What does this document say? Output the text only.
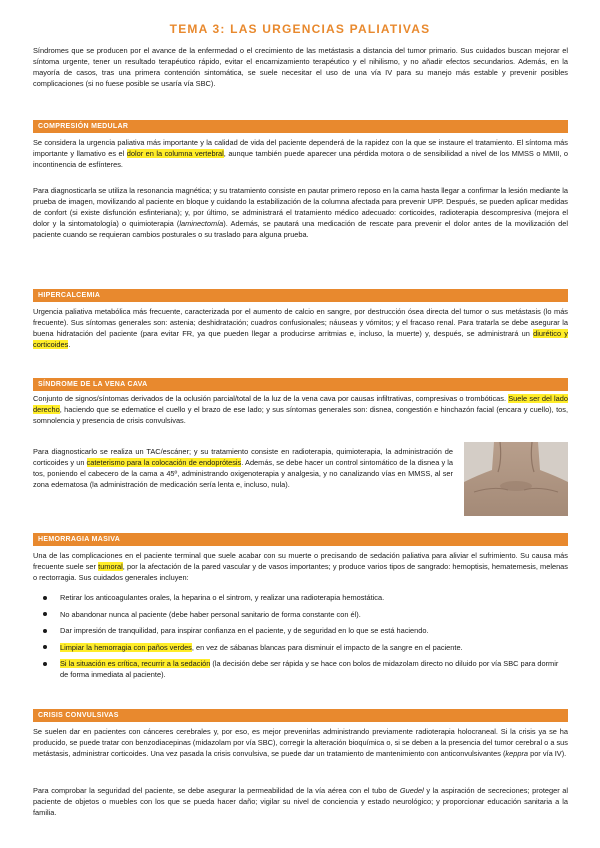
TEMA 3: LAS URGENCIAS PALIATIVAS

Síndromes que se producen por el avance de la enfermedad o el crecimiento de las metástasis a distancia del tumor primario. Sus cuidados buscan mejorar el síntoma urgente, tener un resultado terapéutico rápido, evitar el encarnizamiento terapéutico y el nihilismo, y no añadir efectos secundarios. Además, en la mayoría de casos, tras una primera contención sintomática, se suele necesitar el uso de una vía IV para su manejo más estable y prevenir posibles complicaciones (si no fuese posible se usaría vía SBC).

COMPRESIÓN MEDULAR

Se considera la urgencia paliativa más importante y la calidad de vida del paciente dependerá de la rapidez con la que se instaure el tratamiento. El síntoma más importante y llamativo es el dolor en la columna vertebral, aunque también puede aparecer una pérdida motora o de sensibilidad a nivel de los MMSS o MMII, o incontinencia de esfínteres.

Para diagnosticarla se utiliza la resonancia magnética; y su tratamiento consiste en pautar primero reposo en la cama hasta llegar a confirmar la lesión mediante la prueba de imagen, movilizando al paciente en bloque y cuidando la estabilización de la columna afectada para prevenir UPP. Después, se pueden aplicar medidas de confort (si existe disfunción esfinteriana); y, por último, se administrará el tratamiento médico adecuado: corticoides, radioterapia descompresiva (mejora el dolor y la sintomatología) o quimioterapia (laminectomía). Además, se pautará una medicación de rescate para prevenir el dolor antes de la movilización del paciente cuando se requieran cambios posturales o su traslado para alguna prueba.

HIPERCALCEMIA

Urgencia paliativa metabólica más frecuente, caracterizada por el aumento de calcio en sangre, por destrucción ósea directa del tumor o sus metástasis (lo más frecuente). Sus síntomas generales son: astenia; deshidratación; cuadros confusionales; náuseas y vómitos; y el fracaso renal. Para tratarla se debe asegurar la buena hidratación del paciente (para evitar FR, ya que pueden llegar a producirse arritmias e, incluso, la muerte) y, después, se administrará un diurético y corticoides.

SÍNDROME DE LA VENA CAVA

Conjunto de signos/síntomas derivados de la oclusión parcial/total de la luz de la vena cava por causas infiltrativas, compresivas o trombóticas. Suele ser del lado derecho, haciendo que se edematice el cuello y el brazo de ese lado; y sus síntomas generales son: disnea, congestión e hinchazón facial (encara y cuello), tos, somnolencia y presencia de crisis convulsivas.

Para diagnosticarlo se realiza un TAC/escáner; y su tratamiento consiste en radioterapia, quimioterapia, la administración de corticoides y un cateterismo para la colocación de endoprótesis. Además, se debe hacer un control sintomático de la disnea y la tos, poniendo el cabecero de la cama a 45º, administrando oxigenoterapia y analgesia, y no canalizando vías en MMSS, al ser zona edematosa (la administración de medicación sería lenta e, incluso, nula).

HEMORRAGIA MASIVA

Una de las complicaciones en el paciente terminal que suele acabar con su muerte o precisando de sedación paliativa para aliviar el sufrimiento. Su causa más frecuente suele ser tumoral, por la afectación de la pared vascular y de vasos importantes; y produce varios tipos de sangrado: hemoptisis, hematemesis, melenas o rectorragia. Sus cuidados generales incluyen:

Retirar los anticoagulantes orales, la heparina o el sintrom, y realizar una radioterapia hemostática.
No abandonar nunca al paciente (debe haber personal sanitario de forma constante con él).
Dar impresión de tranquilidad, para inspirar confianza en el paciente, y de seguridad en lo que se está haciendo.
Limpiar la hemorragia con paños verdes, en vez de sábanas blancas para disminuir el impacto de la sangre en el paciente.
Si la situación es crítica, recurrir a la sedación (la decisión debe ser rápida y se hace con bolos de midazolam directo no diluido por vía SBC para dormir de forma inmediata al paciente).
CRISIS CONVULSIVAS

Se suelen dar en pacientes con cánceres cerebrales y, por eso, es mejor prevenirlas administrando previamente radioterapia holocraneal. Si la crisis ya se ha producido, se puede tratar con benzodiacepinas (midazolam por vía SBC), corregir la alteración bioquímica o, si se deben a la presencia del tumor cerebral o a sus metástasis, administrar corticoides. Una vez pasada la crisis convulsiva, se puede dar un tratamiento de mantenimiento con anticonvulsivantes (keppra por vía IV).

Para comprobar la seguridad del paciente, se debe asegurar la permeabilidad de la vía aérea con el tubo de Guedel y la aspiración de secreciones; proteger al paciente de objetos o muebles con los que se pueda hacer daño; vigilar su nivel de conciencia y estado neurológico; y proporcionar educación sanitaria a la familia.
